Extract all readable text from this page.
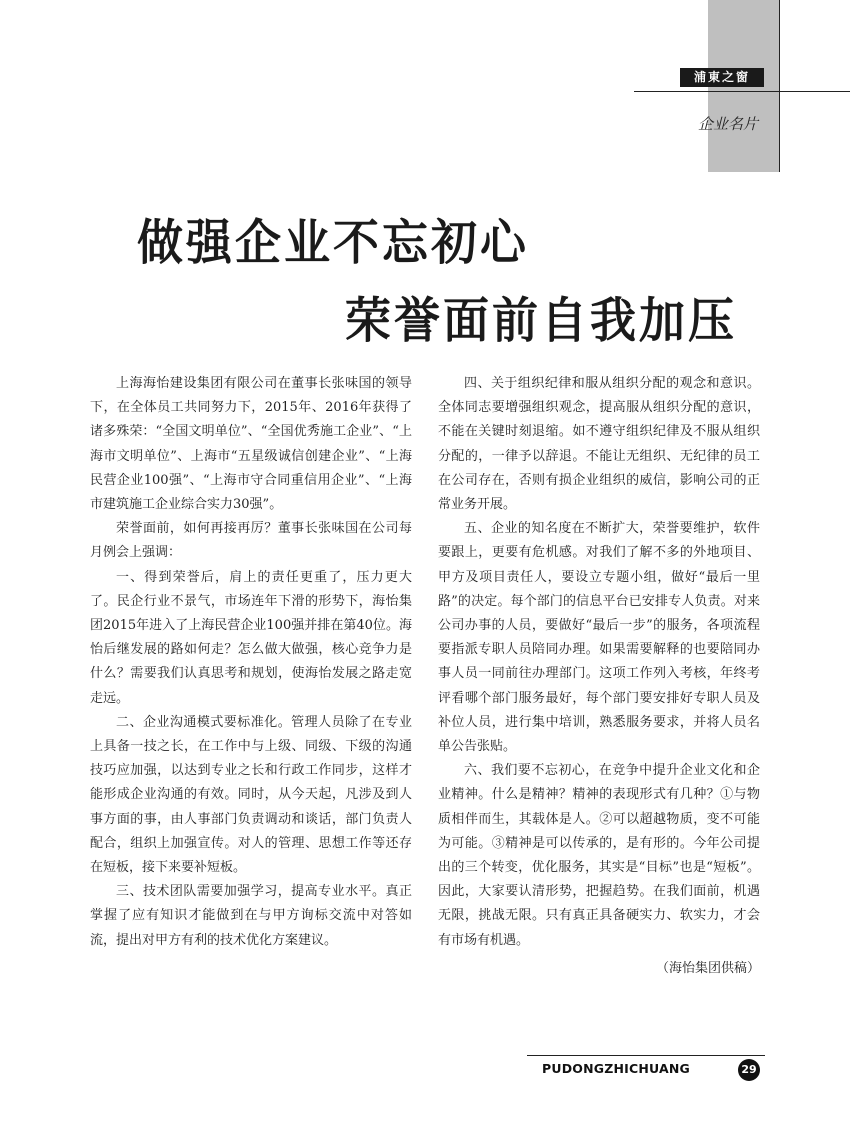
浦東之窗
企业名片
做强企业不忘初心
荣誉面前自我加压

上海海怡建设集团有限公司在董事长张味国的领导下，在全体员工共同努力下，2015年、2016年获得了诸多殊荣：“全国文明单位”、“全国优秀施工企业”、“上海市文明单位”、上海市“五星级诚信创建企业”、“上海民营企业100强”、“上海市守合同重信用企业”、“上海市建筑施工企业综合实力30强”。

荣誉面前，如何再接再厉？董事长张味国在公司每月例会上强调：

一、得到荣誉后，肩上的责任更重了，压力更大了。民企行业不景气，市场连年下滑的形势下，海怡集团2015年进入了上海民营企业100强并排在第40位。海怡后继发展的路如何走？怎么做大做强，核心竞争力是什么？需要我们认真思考和规划，使海怡发展之路走宽走远。

二、企业沟通模式要标准化。管理人员除了在专业上具备一技之长，在工作中与上级、同级、下级的沟通技巧应加强，以达到专业之长和行政工作同步，这样才能形成企业沟通的有效。同时，从今天起，凡涉及到人事方面的事，由人事部门负责调动和谈话，部门负责人配合，组织上加强宣传。对人的管理、思想工作等还存在短板，接下来要补短板。

三、技术团队需要加强学习，提高专业水平。真正掌握了应有知识才能做到在与甲方询标交流中对答如流，提出对甲方有利的技术优化方案建议。

四、关于组织纪律和服从组织分配的观念和意识。全体同志要增强组织观念，提高服从组织分配的意识，不能在关键时刻退缩。如不遵守组织纪律及不服从组织分配的，一律予以辞退。不能让无组织、无纪律的员工在公司存在，否则有损企业组织的威信，影响公司的正常业务开展。

五、企业的知名度在不断扩大，荣誉要维护，软件要跟上，更要有危机感。对我们了解不多的外地项目、甲方及项目责任人，要设立专题小组，做好“最后一里路”的决定。每个部门的信息平台已安排专人负责。对来公司办事的人员，要做好“最后一步”的服务，各项流程要指派专职人员陪同办理。如果需要解释的也要陪同办事人员一同前往办理部门。这项工作列入考核，年终考评看哪个部门服务最好，每个部门要安排好专职人员及补位人员，进行集中培训，熟悉服务要求，并将人员名单公告张贴。

六、我们要不忘初心，在竞争中提升企业文化和企业精神。什么是精神？精神的表现形式有几种？①与物质相伴而生，其载体是人。②可以超越物质，变不可能为可能。③精神是可以传承的，是有形的。今年公司提出的三个转变，优化服务，其实是“目标”也是“短板”。因此，大家要认清形势，把握趋势。在我们面前，机遇无限，挑战无限。只有真正具备硬实力、软实力，才会有市场有机遇。

（海怡集团供稿）
PUDONGZHICHUANG	29
